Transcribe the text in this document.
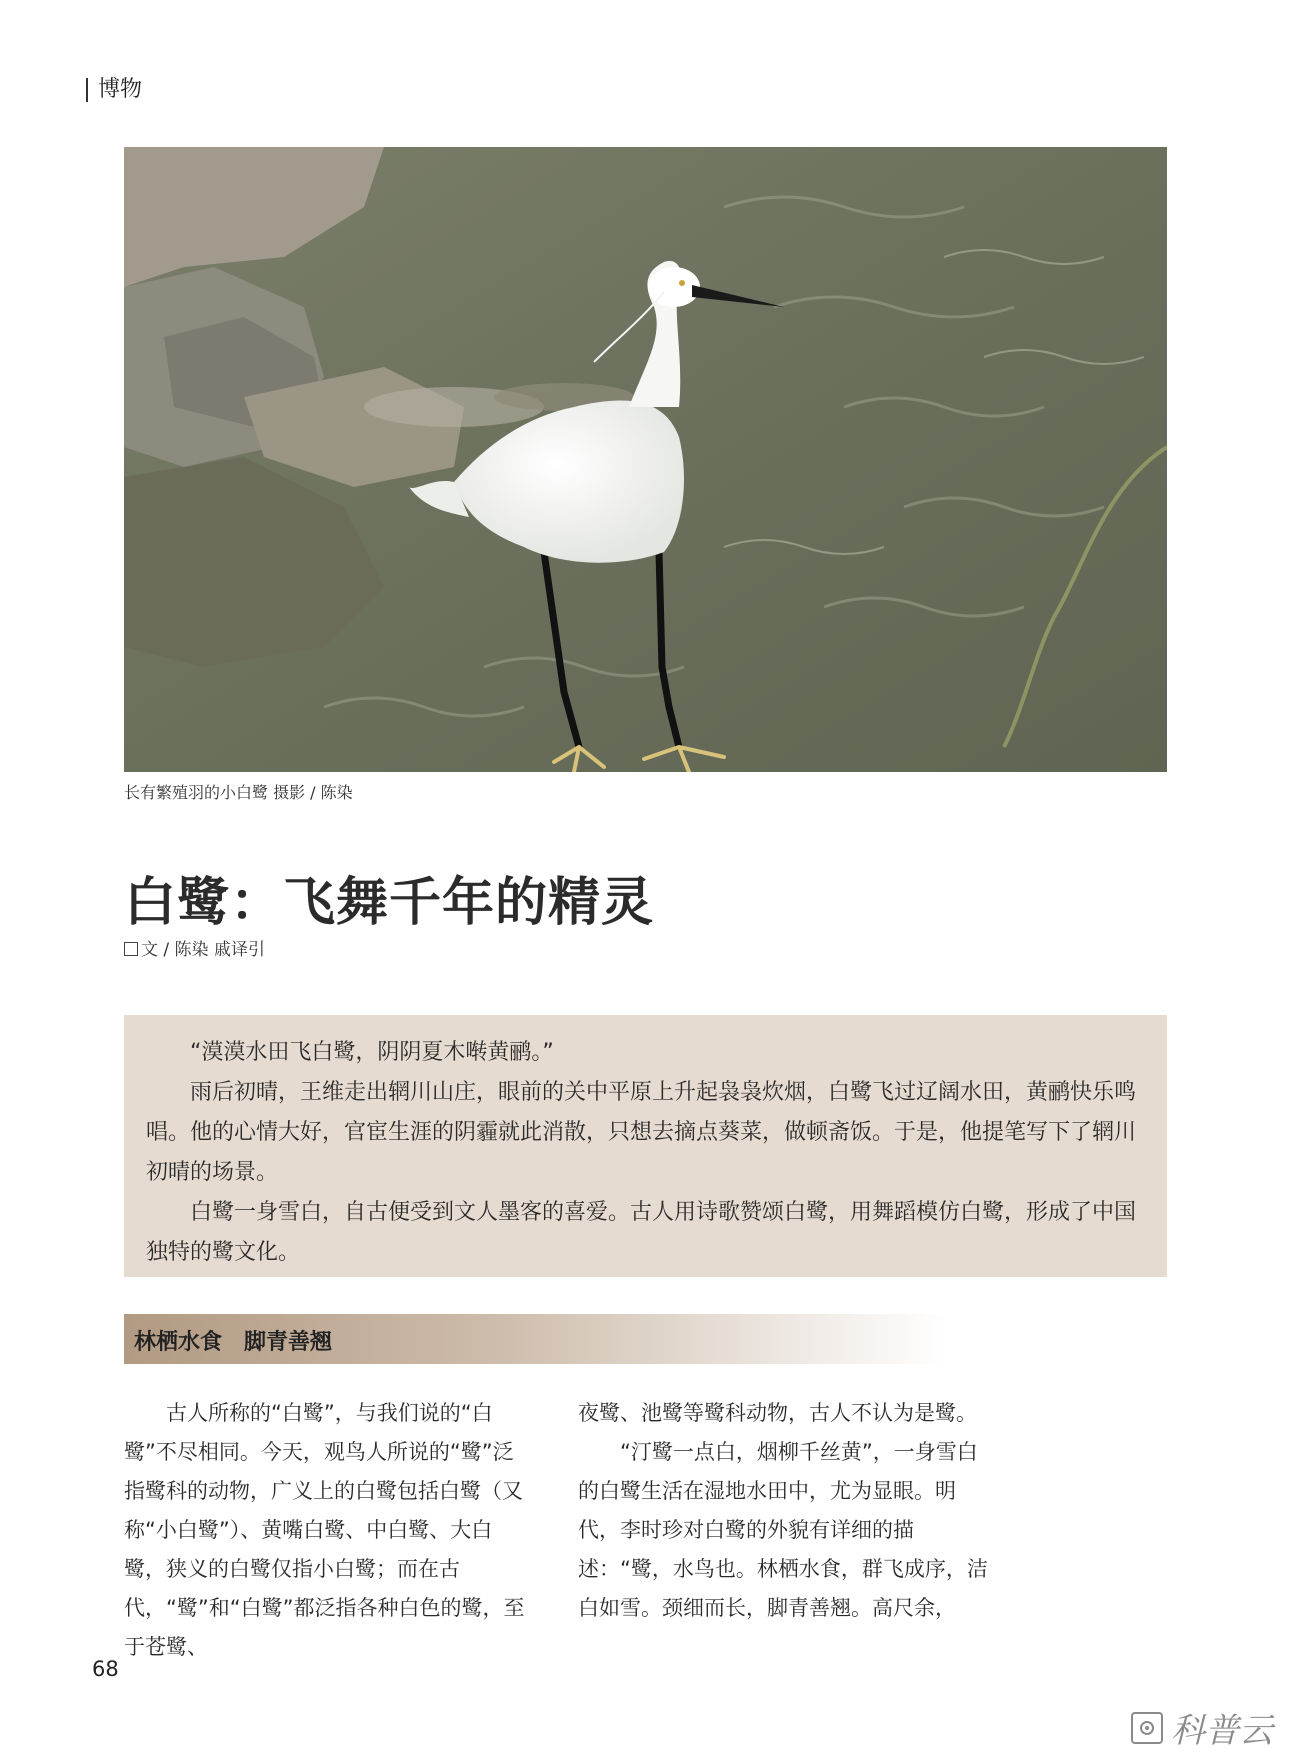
博物
长有繁殖羽的小白鹭 摄影 / 陈染
白鹭：飞舞千年的精灵
文 / 陈染 戚译引

“漠漠水田飞白鹭，阴阴夏木啭黄鹂。”

雨后初晴，王维走出辋川山庄，眼前的关中平原上升起袅袅炊烟，白鹭飞过辽阔水田，黄鹂快乐鸣唱。他的心情大好，官宦生涯的阴霾就此消散，只想去摘点葵菜，做顿斋饭。于是，他提笔写下了辋川初晴的场景。

白鹭一身雪白，自古便受到文人墨客的喜爱。古人用诗歌赞颂白鹭，用舞蹈模仿白鹭，形成了中国独特的鹭文化。

林栖水食　脚青善翘

古人所称的“白鹭”，与我们说的“白鹭”不尽相同。今天，观鸟人所说的“鹭”泛指鹭科的动物，广义上的白鹭包括白鹭（又称“小白鹭”）、黄嘴白鹭、中白鹭、大白鹭，狭义的白鹭仅指小白鹭；而在古代，“鹭”和“白鹭”都泛指各种白色的鹭，至于苍鹭、

夜鹭、池鹭等鹭科动物，古人不认为是鹭。

“汀鹭一点白，烟柳千丝黄”，一身雪白的白鹭生活在湿地水田中，尤为显眼。明代，李时珍对白鹭的外貌有详细的描述：“鹭，水鸟也。林栖水食，群飞成序，洁白如雪。颈细而长，脚青善翘。高尺余，

68
科普云
